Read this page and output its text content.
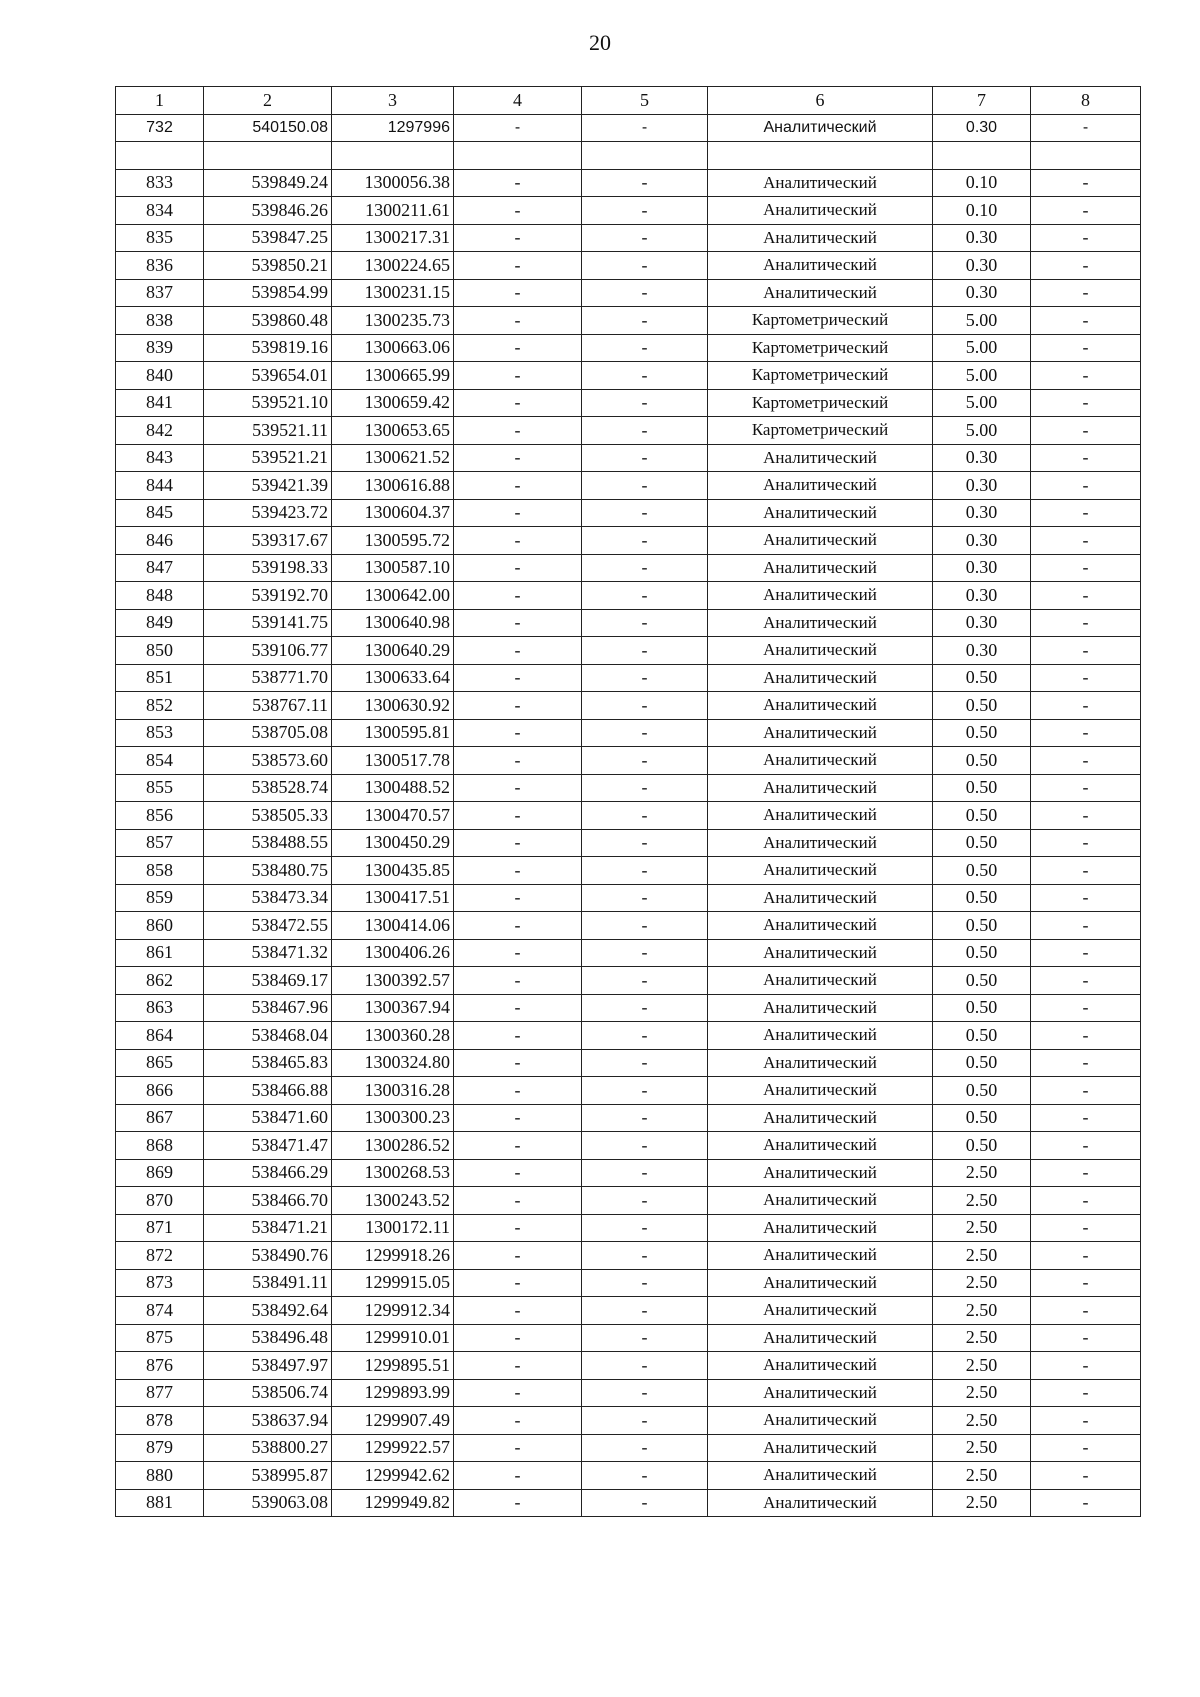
20
1	2	3	4	5	6	7	8
732	540150.08	1297996	-	-	Аналитический	0.30	-

833	539849.24	1300056.38	-	-	Аналитический	0.10	-
834	539846.26	1300211.61	-	-	Аналитический	0.10	-
835	539847.25	1300217.31	-	-	Аналитический	0.30	-
836	539850.21	1300224.65	-	-	Аналитический	0.30	-
837	539854.99	1300231.15	-	-	Аналитический	0.30	-
838	539860.48	1300235.73	-	-	Картометрический	5.00	-
839	539819.16	1300663.06	-	-	Картометрический	5.00	-
840	539654.01	1300665.99	-	-	Картометрический	5.00	-
841	539521.10	1300659.42	-	-	Картометрический	5.00	-
842	539521.11	1300653.65	-	-	Картометрический	5.00	-
843	539521.21	1300621.52	-	-	Аналитический	0.30	-
844	539421.39	1300616.88	-	-	Аналитический	0.30	-
845	539423.72	1300604.37	-	-	Аналитический	0.30	-
846	539317.67	1300595.72	-	-	Аналитический	0.30	-
847	539198.33	1300587.10	-	-	Аналитический	0.30	-
848	539192.70	1300642.00	-	-	Аналитический	0.30	-
849	539141.75	1300640.98	-	-	Аналитический	0.30	-
850	539106.77	1300640.29	-	-	Аналитический	0.30	-
851	538771.70	1300633.64	-	-	Аналитический	0.50	-
852	538767.11	1300630.92	-	-	Аналитический	0.50	-
853	538705.08	1300595.81	-	-	Аналитический	0.50	-
854	538573.60	1300517.78	-	-	Аналитический	0.50	-
855	538528.74	1300488.52	-	-	Аналитический	0.50	-
856	538505.33	1300470.57	-	-	Аналитический	0.50	-
857	538488.55	1300450.29	-	-	Аналитический	0.50	-
858	538480.75	1300435.85	-	-	Аналитический	0.50	-
859	538473.34	1300417.51	-	-	Аналитический	0.50	-
860	538472.55	1300414.06	-	-	Аналитический	0.50	-
861	538471.32	1300406.26	-	-	Аналитический	0.50	-
862	538469.17	1300392.57	-	-	Аналитический	0.50	-
863	538467.96	1300367.94	-	-	Аналитический	0.50	-
864	538468.04	1300360.28	-	-	Аналитический	0.50	-
865	538465.83	1300324.80	-	-	Аналитический	0.50	-
866	538466.88	1300316.28	-	-	Аналитический	0.50	-
867	538471.60	1300300.23	-	-	Аналитический	0.50	-
868	538471.47	1300286.52	-	-	Аналитический	0.50	-
869	538466.29	1300268.53	-	-	Аналитический	2.50	-
870	538466.70	1300243.52	-	-	Аналитический	2.50	-
871	538471.21	1300172.11	-	-	Аналитический	2.50	-
872	538490.76	1299918.26	-	-	Аналитический	2.50	-
873	538491.11	1299915.05	-	-	Аналитический	2.50	-
874	538492.64	1299912.34	-	-	Аналитический	2.50	-
875	538496.48	1299910.01	-	-	Аналитический	2.50	-
876	538497.97	1299895.51	-	-	Аналитический	2.50	-
877	538506.74	1299893.99	-	-	Аналитический	2.50	-
878	538637.94	1299907.49	-	-	Аналитический	2.50	-
879	538800.27	1299922.57	-	-	Аналитический	2.50	-
880	538995.87	1299942.62	-	-	Аналитический	2.50	-
881	539063.08	1299949.82	-	-	Аналитический	2.50	-
